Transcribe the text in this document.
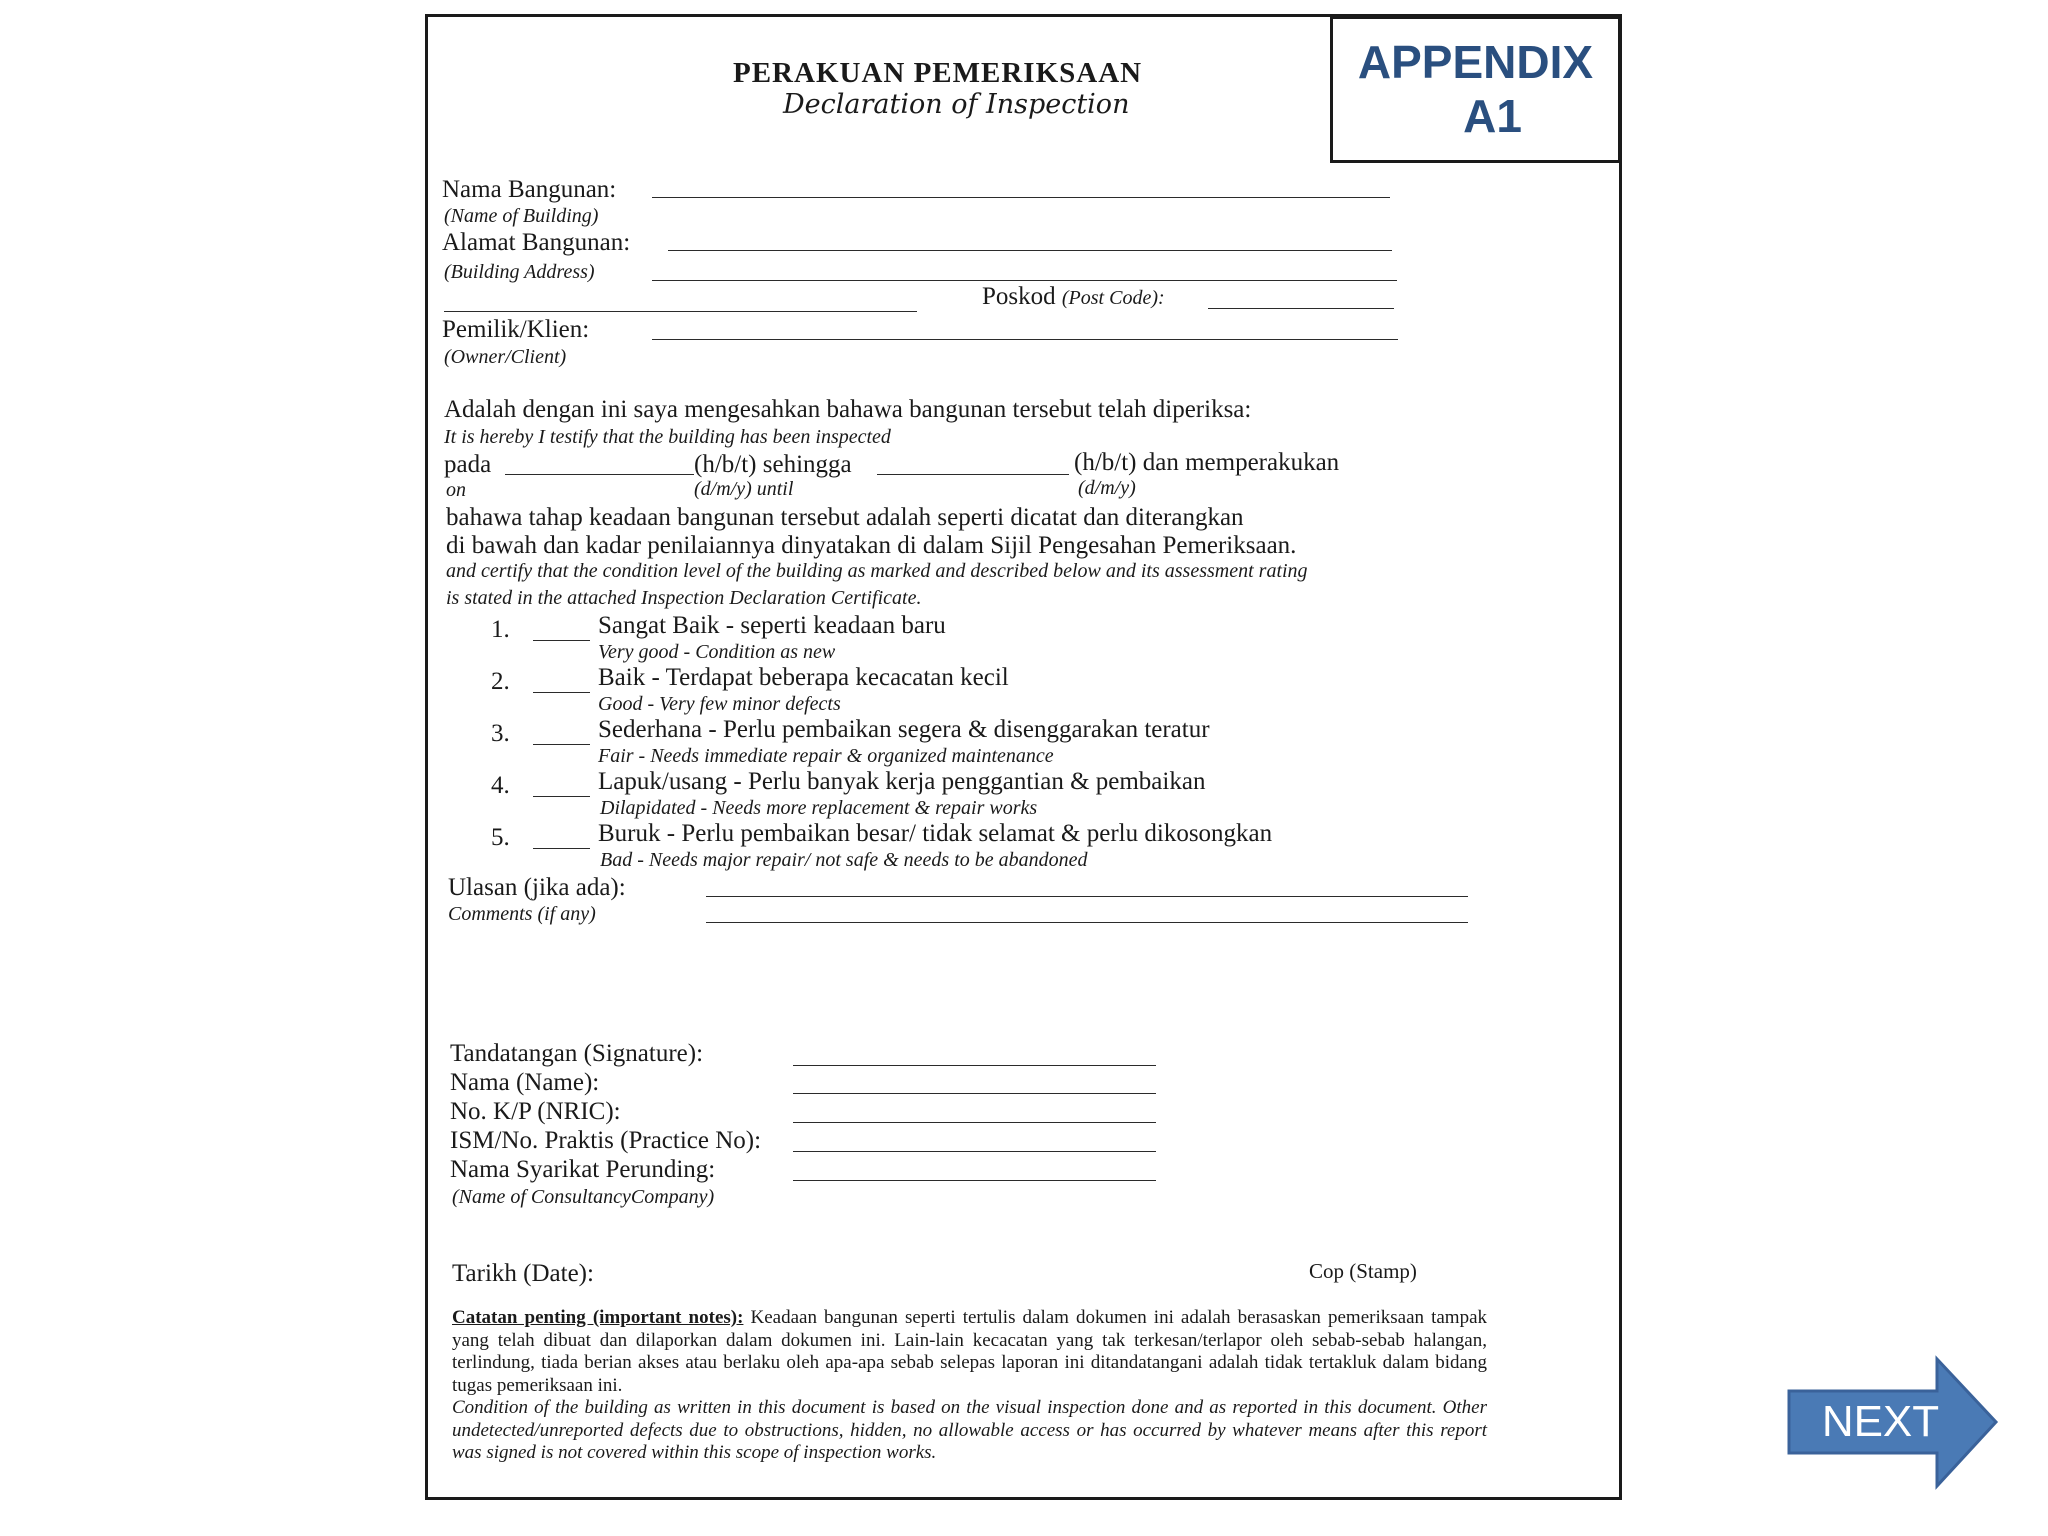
APPENDIX
A1
PERAKUAN PEMERIKSAAN
Declaration of Inspection
Nama Bangunan:
(Name of Building)
Alamat Bangunan:
(Building Address)
Poskod (Post Code):
Pemilik/Klien:
(Owner/Client)
Adalah dengan ini saya mengesahkan bahawa bangunan tersebut telah diperiksa:
It is hereby I testify that the building has been inspected
pada	(h/b/t) sehingga	(h/b/t) dan memperakukan
on	(d/m/y) until	(d/m/y)
bahawa tahap keadaan bangunan tersebut adalah seperti dicatat dan diterangkan
di bawah dan kadar penilaiannya dinyatakan di dalam Sijil Pengesahan Pemeriksaan.
and certify that the condition level of the building as marked and described below and its assessment rating
is stated in the attached Inspection Declaration Certificate.
1.	Sangat Baik - seperti keadaan baru
Very good - Condition as new
2.	Baik - Terdapat beberapa kecacatan kecil
Good - Very few minor defects
3.	Sederhana - Perlu pembaikan segera & disenggarakan teratur
Fair - Needs immediate repair & organized maintenance
4.	Lapuk/usang - Perlu banyak kerja penggantian & pembaikan
Dilapidated - Needs more replacement & repair works
5.	Buruk - Perlu pembaikan besar/ tidak selamat & perlu dikosongkan
Bad - Needs major repair/ not safe & needs to be abandoned
Ulasan (jika ada):
Comments (if any)
Tandatangan (Signature):
Nama (Name):
No. K/P (NRIC):
ISM/No. Praktis (Practice No):
Nama Syarikat Perunding:
(Name of ConsultancyCompany)
Tarikh (Date):	Cop (Stamp)

Catatan penting (important notes): Keadaan bangunan seperti tertulis dalam dokumen ini adalah berasaskan pemeriksaan tampak yang telah dibuat dan dilaporkan dalam dokumen ini. Lain-lain kecacatan yang tak terkesan/terlapor oleh sebab-sebab halangan, terlindung, tiada berian akses atau berlaku oleh apa-apa sebab selepas laporan ini ditandatangani adalah tidak tertakluk dalam bidang tugas pemeriksaan ini.

Condition of the building as written in this document is based on the visual inspection done and as reported in this document. Other undetected/unreported defects due to obstructions, hidden, no allowable access or has occurred by whatever means after this report was signed is not covered within this scope of inspection works.

NEXT
